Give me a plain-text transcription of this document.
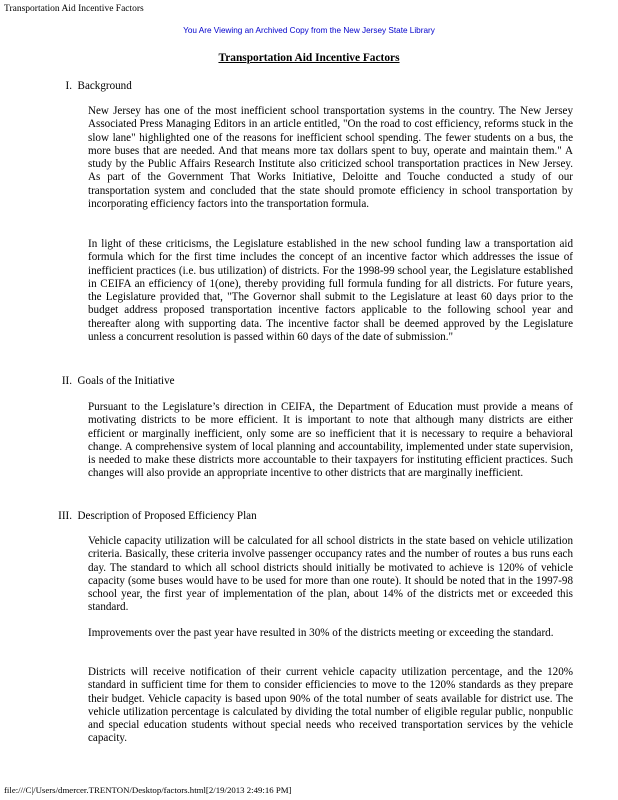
Transportation Aid Incentive Factors
You Are Viewing an Archived Copy from the New Jersey State Library
Transportation Aid Incentive Factors
I. Background

New Jersey has one of the most inefficient school transportation systems in the country. The New Jersey Associated Press Managing Editors in an article entitled, "On the road to cost efficiency, reforms stuck in the slow lane" highlighted one of the reasons for inefficient school spending. The fewer students on a bus, the more buses that are needed. And that means more tax dollars spent to buy, operate and maintain them." A study by the Public Affairs Research Institute also criticized school transportation practices in New Jersey. As part of the Government That Works Initiative, Deloitte and Touche conducted a study of our transportation system and concluded that the state should promote efficiency in school transportation by incorporating efficiency factors into the transportation formula.

In light of these criticisms, the Legislature established in the new school funding law a transportation aid formula which for the first time includes the concept of an incentive factor which addresses the issue of inefficient practices (i.e. bus utilization) of districts. For the 1998-99 school year, the Legislature established in CEIFA an efficiency of 1(one), thereby providing full formula funding for all districts. For future years, the Legislature provided that, "The Governor shall submit to the Legislature at least 60 days prior to the budget address proposed transportation incentive factors applicable to the following school year and thereafter along with supporting data. The incentive factor shall be deemed approved by the Legislature unless a concurrent resolution is passed within 60 days of the date of submission."

II. Goals of the Initiative

Pursuant to the Legislature’s direction in CEIFA, the Department of Education must provide a means of motivating districts to be more efficient. It is important to note that although many districts are either efficient or marginally inefficient, only some are so inefficient that it is necessary to require a behavioral change. A comprehensive system of local planning and accountability, implemented under state supervision, is needed to make these districts more accountable to their taxpayers for instituting efficient practices. Such changes will also provide an appropriate incentive to other districts that are marginally inefficient.

III. Description of Proposed Efficiency Plan

Vehicle capacity utilization will be calculated for all school districts in the state based on vehicle utilization criteria. Basically, these criteria involve passenger occupancy rates and the number of routes a bus runs each day. The standard to which all school districts should initially be motivated to achieve is 120% of vehicle capacity (some buses would have to be used for more than one route). It should be noted that in the 1997-98 school year, the first year of implementation of the plan, about 14% of the districts met or exceeded this standard.

Improvements over the past year have resulted in 30% of the districts meeting or exceeding the standard.

Districts will receive notification of their current vehicle capacity utilization percentage, and the 120% standard in sufficient time for them to consider efficiencies to move to the 120% standards as they prepare their budget. Vehicle capacity is based upon 90% of the total number of seats available for district use. The vehicle utilization percentage is calculated by dividing the total number of eligible regular public, nonpublic and special education students without special needs who received transportation services by the vehicle capacity.

file:///C|/Users/dmercer.TRENTON/Desktop/factors.html[2/19/2013 2:49:16 PM]
